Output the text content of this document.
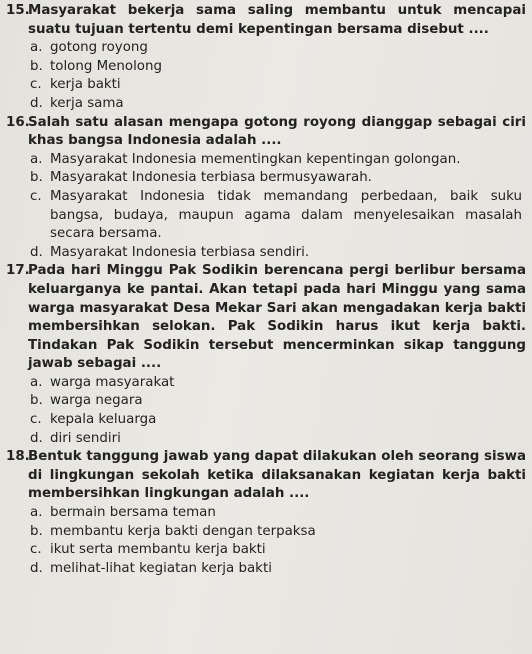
15.
Masyarakat bekerja sama saling membantu untuk mencapai suatu tujuan tertentu demi kepentingan bersama disebut ....
a. gotong royong
b. tolong Menolong
c. kerja bakti
d. kerja sama
16.
Salah satu alasan mengapa gotong royong dianggap sebagai ciri khas bangsa Indonesia adalah ....
a. Masyarakat Indonesia mementingkan kepentingan golongan.
b. Masyarakat Indonesia terbiasa bermusyawarah.
c. Masyarakat Indonesia tidak memandang perbedaan, baik suku bangsa, budaya, maupun agama dalam menyelesaikan masalah secara bersama.
d. Masyarakat Indonesia terbiasa sendiri.
17.
Pada hari Minggu Pak Sodikin berencana pergi berlibur bersama keluarganya ke pantai. Akan tetapi pada hari Minggu yang sama warga masyarakat Desa Mekar Sari akan mengadakan kerja bakti membersihkan selokan. Pak Sodikin harus ikut kerja bakti. Tindakan Pak Sodikin tersebut mencerminkan sikap tanggung jawab sebagai ....
a. warga masyarakat
b. warga negara
c. kepala keluarga
d. diri sendiri
18.
Bentuk tanggung jawab yang dapat dilakukan oleh seorang siswa di lingkungan sekolah ketika dilaksanakan kegiatan kerja bakti membersihkan lingkungan adalah ....
a. bermain bersama teman
b. membantu kerja bakti dengan terpaksa
c. ikut serta membantu kerja bakti
d. melihat-lihat kegiatan kerja bakti
